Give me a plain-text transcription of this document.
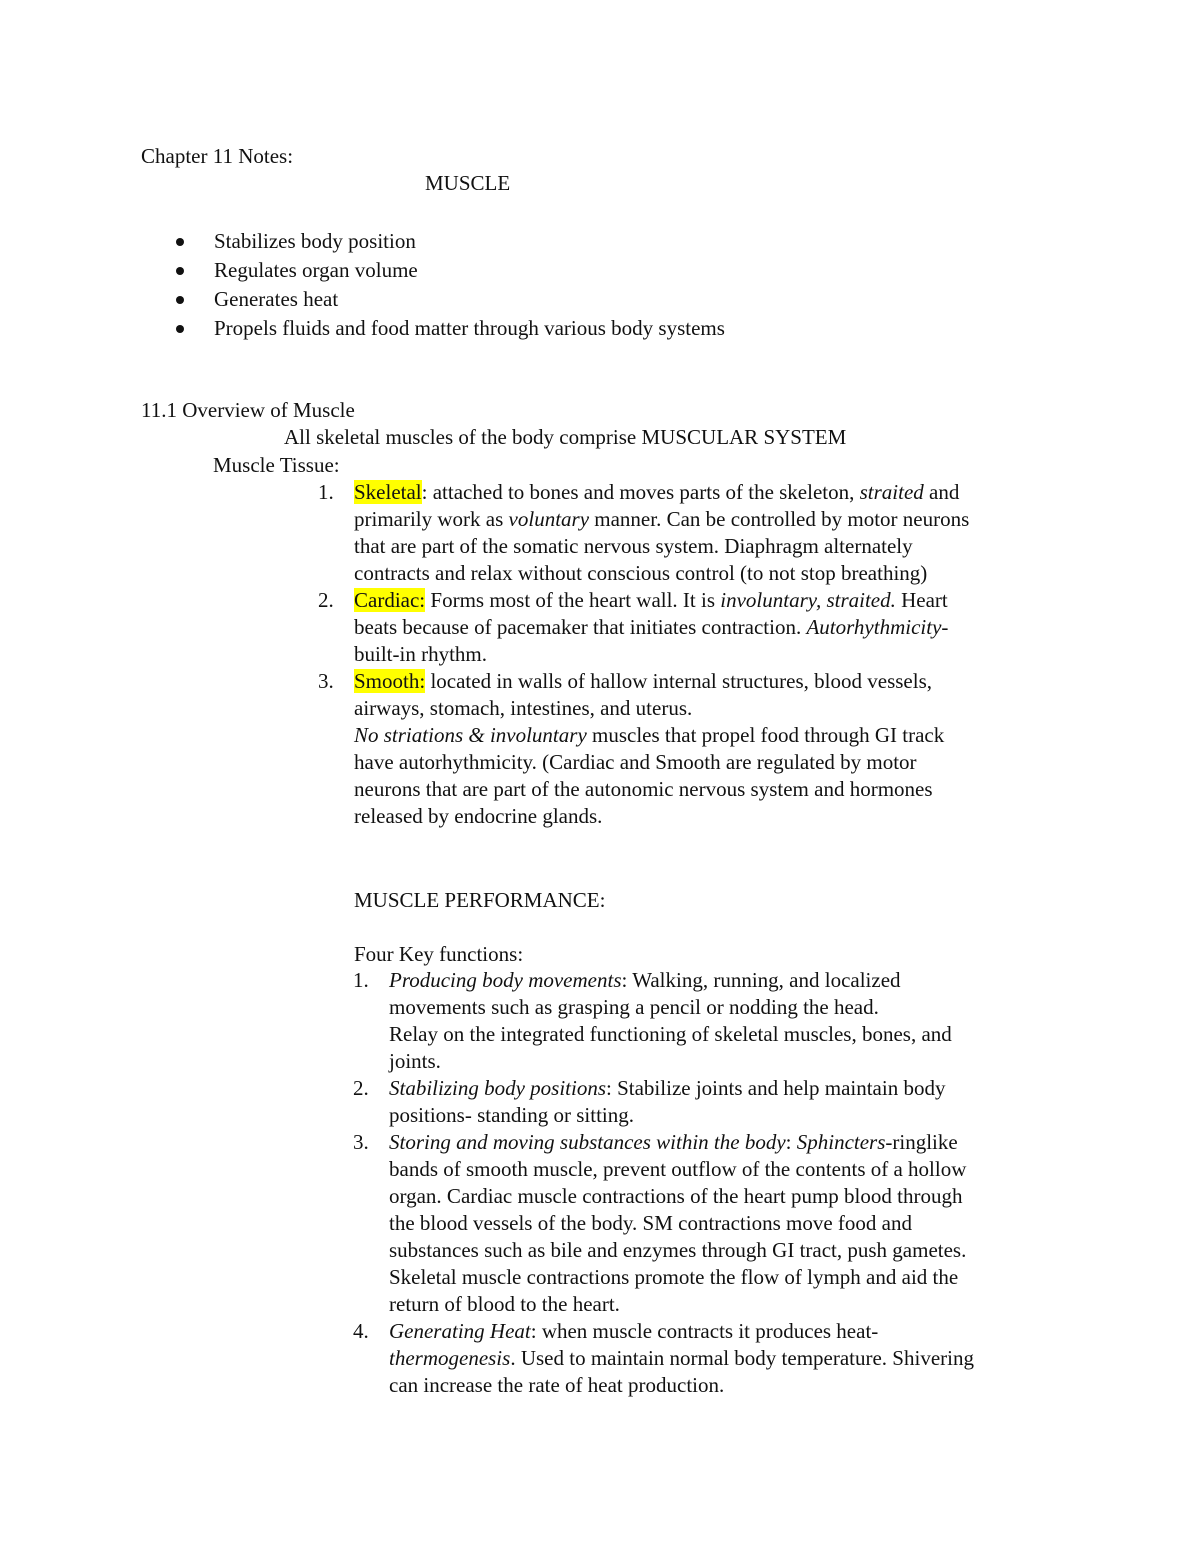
Chapter 11 Notes:
MUSCLE
Stabilizes body position
Regulates organ volume
Generates heat
Propels fluids and food matter through various body systems
11.1 Overview of Muscle
All skeletal muscles of the body comprise MUSCULAR SYSTEM
Muscle Tissue:
1. Skeletal: attached to bones and moves parts of the skeleton, straited and
primarily work as voluntary manner. Can be controlled by motor neurons
that are part of the somatic nervous system. Diaphragm alternately
contracts and relax without conscious control (to not stop breathing)
2. Cardiac: Forms most of the heart wall. It is involuntary, straited. Heart
beats because of pacemaker that initiates contraction. Autorhythmicity-
built-in rhythm.
3. Smooth: located in walls of hallow internal structures, blood vessels,
airways, stomach, intestines, and uterus.
No striations & involuntary muscles that propel food through GI track
have autorhythmicity. (Cardiac and Smooth are regulated by motor
neurons that are part of the autonomic nervous system and hormones
released by endocrine glands.
MUSCLE PERFORMANCE:
Four Key functions:
1. Producing body movements: Walking, running, and localized
movements such as grasping a pencil or nodding the head.
Relay on the integrated functioning of skeletal muscles, bones, and
joints.
2. Stabilizing body positions: Stabilize joints and help maintain body
positions- standing or sitting.
3. Storing and moving substances within the body: Sphincters-ringlike
bands of smooth muscle, prevent outflow of the contents of a hollow
organ. Cardiac muscle contractions of the heart pump blood through
the blood vessels of the body. SM contractions move food and
substances such as bile and enzymes through GI tract, push gametes.
Skeletal muscle contractions promote the flow of lymph and aid the
return of blood to the heart.
4. Generating Heat: when muscle contracts it produces heat-
thermogenesis. Used to maintain normal body temperature. Shivering
can increase the rate of heat production.
